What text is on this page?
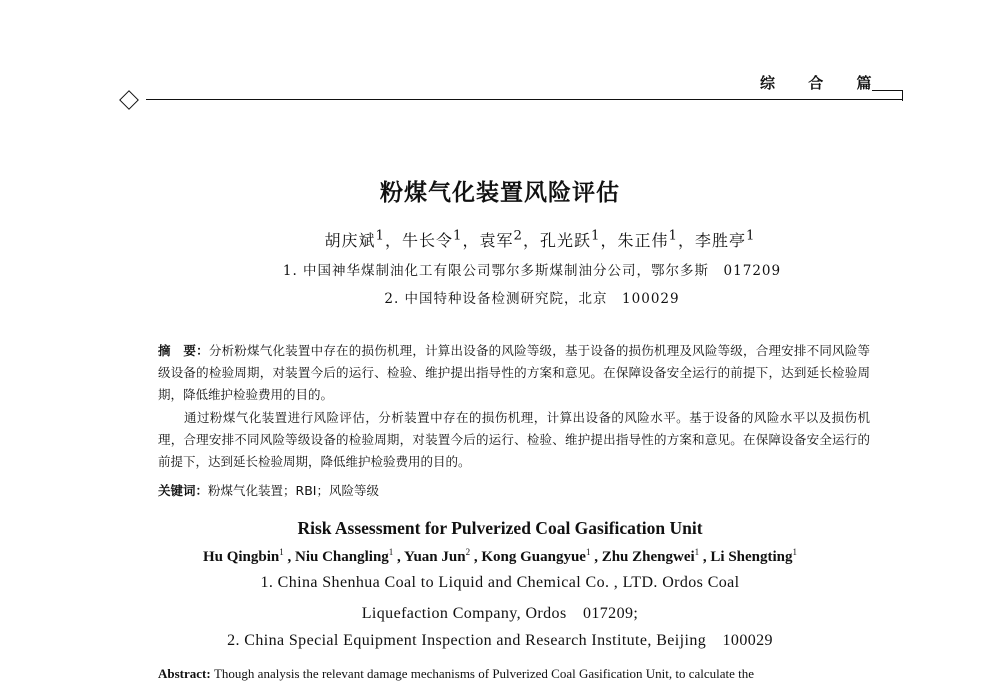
综 合 篇
粉煤气化装置风险评估
胡庆斌$^1$，牛长令$^1$，袁军$^2$，孔光跃$^1$，朱正伟$^1$，李胜亭$^1$
1. 中国神华煤制油化工有限公司鄂尔多斯煤制油分公司，鄂尔多斯　017209
2. 中国特种设备检测研究院，北京　100029
摘　要：分析粉煤气化装置中存在的损伤机理，计算出设备的风险等级，基于设备的损伤机理及风险等级，合理安排不同风险等级设备的检验周期，对装置今后的运行、检验、维护提出指导性的方案和意见。在保障设备安全运行的前提下，达到延长检验周期，降低维护检验费用的目的。
通过粉煤气化装置进行风险评估，分析装置中存在的损伤机理，计算出设备的风险水平。基于设备的风险水平以及损伤机理，合理安排不同风险等级设备的检验周期，对装置今后的运行、检验、维护提出指导性的方案和意见。在保障设备安全运行的前提下，达到延长检验周期，降低维护检验费用的目的。
关键词：粉煤气化装置；RBI；风险等级
Risk Assessment for Pulverized Coal Gasification Unit
Hu Qingbin$^1$ , Niu Changling$^1$ , Yuan Jun$^2$ , Kong Guangyue$^1$ , Zhu Zhengwei$^1$ , Li Shengting$^1$
1. China Shenhua Coal to Liquid and Chemical Co. , LTD. Ordos Coal
Liquefaction Company, Ordos　017209;
2. China Special Equipment Inspection and Research Institute, Beijing　100029
Abstract: Though analysis the relevant damage mechanisms of Pulverized Coal Gasification Unit, to calculate the
